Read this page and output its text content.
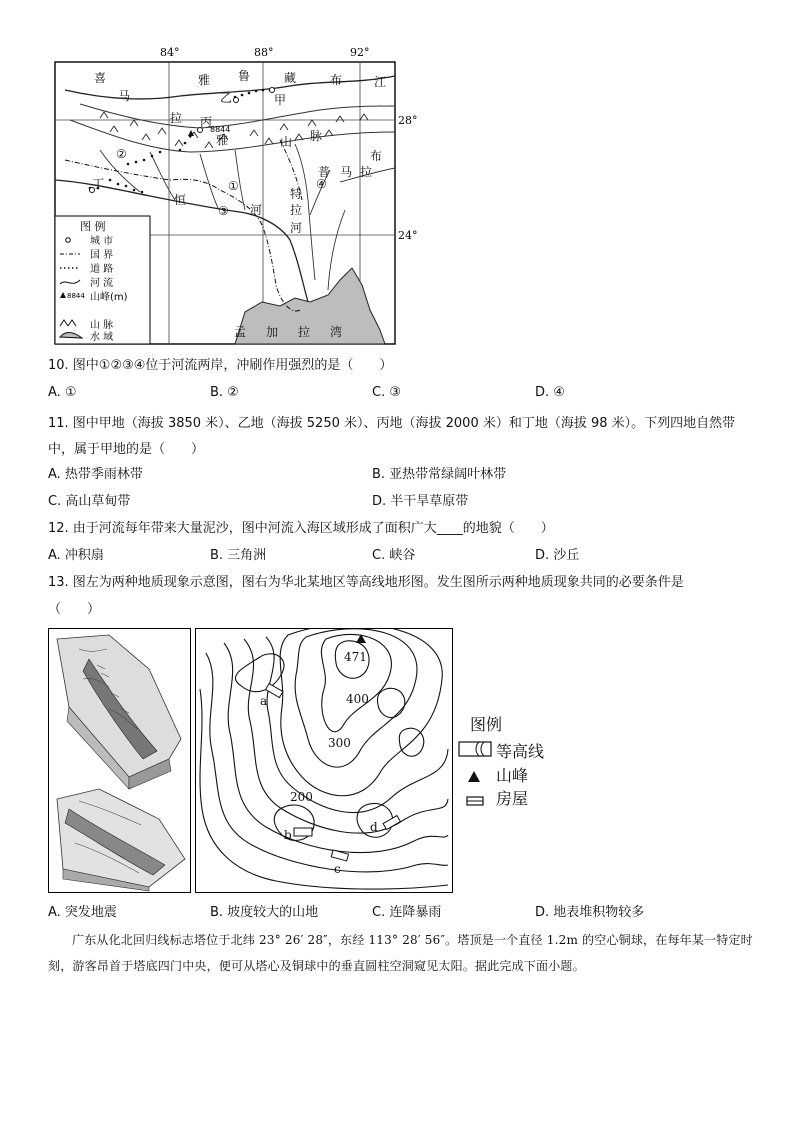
84°	88°	92°
28°
24°
喜
马
拉
雅
雅 鲁	藏	布	江
乙	甲
丙
8844
山 脉
布
普 马 拉
特
拉
河
恒
河
丁	①
②
③
④
孟 加 拉 湾
图 例
8844
城 市
国 界
道 路
河 流
山峰(m)
山 脉
水 域
10. 图中①②③④位于河流两岸，冲刷作用强烈的是（　　）
A. ①	B. ②	C. ③	D. ④
11. 图中甲地（海拔 3850 米）、乙地（海拔 5250 米）、丙地（海拔 2000 米）和丁地（海拔 98 米）。下列四地自然带中，属于甲地的是（　　）
A. 热带季雨林带	B. 亚热带常绿阔叶林带
C. 高山草甸带	D. 半干旱草原带
12. 由于河流每年带来大量泥沙，图中河流入海区域形成了面积广大____的地貌（　　）
A. 冲积扇	B. 三角洲	C. 峡谷	D. 沙丘
13. 图左为两种地质现象示意图，图右为华北某地区等高线地形图。发生图所示两种地质现象共同的必要条件是
（　　）
471
400
300
200
a
b
c
d
图例
等高线
山峰
房屋
A. 突发地震	B. 坡度较大的山地	C. 连降暴雨	D. 地表堆积物较多
广东从化北回归线标志塔位于北纬 23° 26′ 28″，东经 113° 28′ 56″。塔顶是一个直径 1.2m 的空心铜球，在每年某一特定时刻，游客昂首于塔底四门中央，便可从塔心及铜球中的垂直圆柱空洞窥见太阳。据此完成下面小题。
